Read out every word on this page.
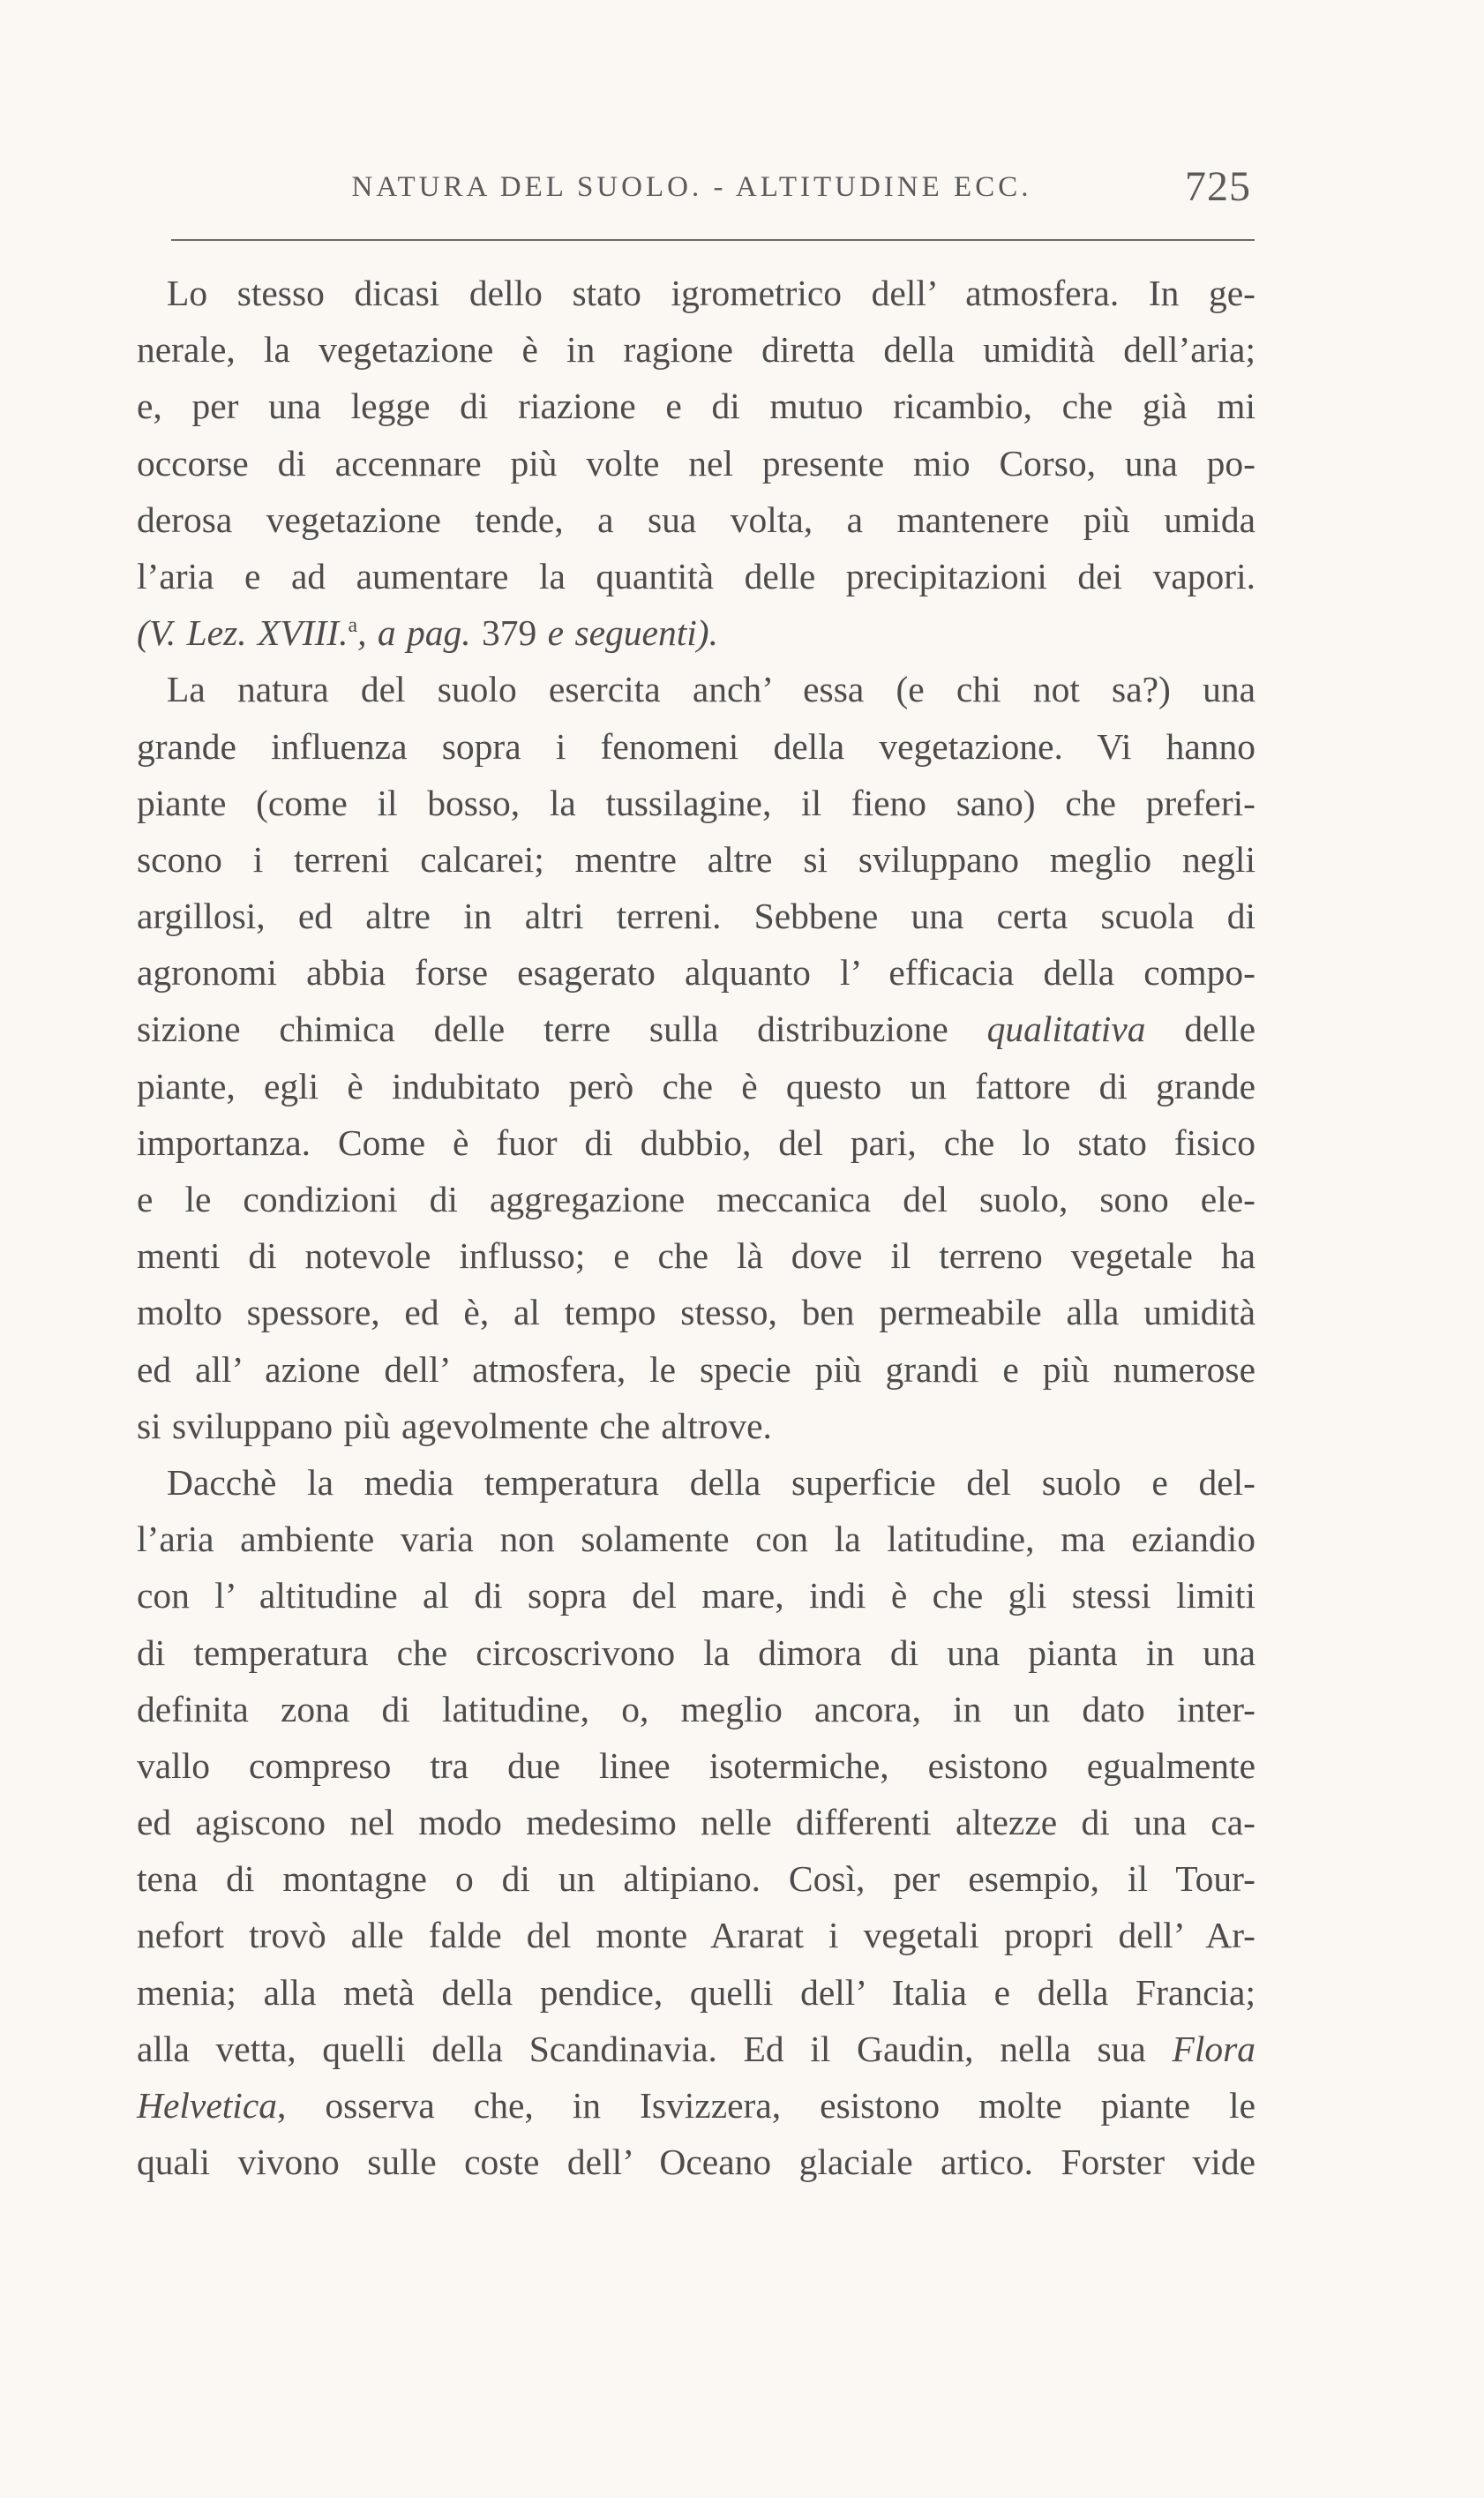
NATURA DEL SUOLO. - ALTITUDINE ECC.	725
Lo stesso dicasi dello stato igrometrico dell’ atmosfera. In ge-
nerale, la vegetazione è in ragione diretta della umidità dell’aria;
e, per una legge di riazione e di mutuo ricambio, che già mi
occorse di accennare più volte nel presente mio Corso, una po-
derosa vegetazione tende, a sua volta, a mantenere più umida
l’aria e ad aumentare la quantità delle precipitazioni dei vapori.
(V. Lez. XVIII.$^a$, a pag. 379 e seguenti).
La natura del suolo esercita anch’ essa (e chi not sa?) una
grande influenza sopra i fenomeni della vegetazione. Vi hanno
piante (come il bosso, la tussilagine, il fieno sano) che preferi-
scono i terreni calcarei; mentre altre si sviluppano meglio negli
argillosi, ed altre in altri terreni. Sebbene una certa scuola di
agronomi abbia forse esagerato alquanto l’ efficacia della compo-
sizione chimica delle terre sulla distribuzione qualitativa delle
piante, egli è indubitato però che è questo un fattore di grande
importanza. Come è fuor di dubbio, del pari, che lo stato fisico
e le condizioni di aggregazione meccanica del suolo, sono ele-
menti di notevole influsso; e che là dove il terreno vegetale ha
molto spessore, ed è, al tempo stesso, ben permeabile alla umidità
ed all’ azione dell’ atmosfera, le specie più grandi e più numerose
si sviluppano più agevolmente che altrove.
Dacchè la media temperatura della superficie del suolo e del-
l’aria ambiente varia non solamente con la latitudine, ma eziandio
con l’ altitudine al di sopra del mare, indi è che gli stessi limiti
di temperatura che circoscrivono la dimora di una pianta in una
definita zona di latitudine, o, meglio ancora, in un dato inter-
vallo compreso tra due linee isotermiche, esistono egualmente
ed agiscono nel modo medesimo nelle differenti altezze di una ca-
tena di montagne o di un altipiano. Così, per esempio, il Tour-
nefort trovò alle falde del monte Ararat i vegetali propri dell’ Ar-
menia; alla metà della pendice, quelli dell’ Italia e della Francia;
alla vetta, quelli della Scandinavia. Ed il Gaudin, nella sua Flora
Helvetica, osserva che, in Isvizzera, esistono molte piante le
quali vivono sulle coste dell’ Oceano glaciale artico. Forster vide
